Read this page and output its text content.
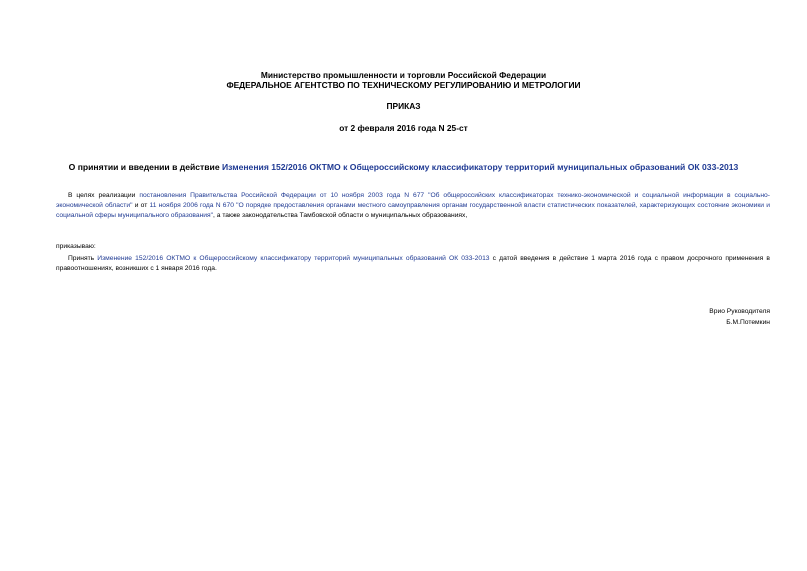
Министерство промышленности и торговли Российской Федерации
ФЕДЕРАЛЬНОЕ АГЕНТСТВО ПО ТЕХНИЧЕСКОМУ РЕГУЛИРОВАНИЮ И МЕТРОЛОГИИ
ПРИКАЗ
от 2 февраля 2016 года N 25-ст
О принятии и введении в действие Изменения 152/2016 ОКТМО к Общероссийскому классификатору территорий муниципальных образований ОК 033-2013
В целях реализации постановления Правительства Российской Федерации от 10 ноября 2003 года N 677 "Об общероссийских классификаторах технико-экономической и социальной информации в социально-экономической области" и от 11 ноября 2006 года N 670 "О порядке предоставления органами местного самоуправления органам государственной власти статистических показателей, характеризующих состояние экономики и социальной сферы муниципального образования", а также законодательства Тамбовской области о муниципальных образованиях,
приказываю:
Принять Изменение 152/2016 ОКТМО к Общероссийскому классификатору территорий муниципальных образований ОК 033-2013 с датой введения в действие 1 марта 2016 года с правом досрочного применения в правоотношениях, возникших с 1 января 2016 года.
Врио Руководителя
Б.М.Потемкин
